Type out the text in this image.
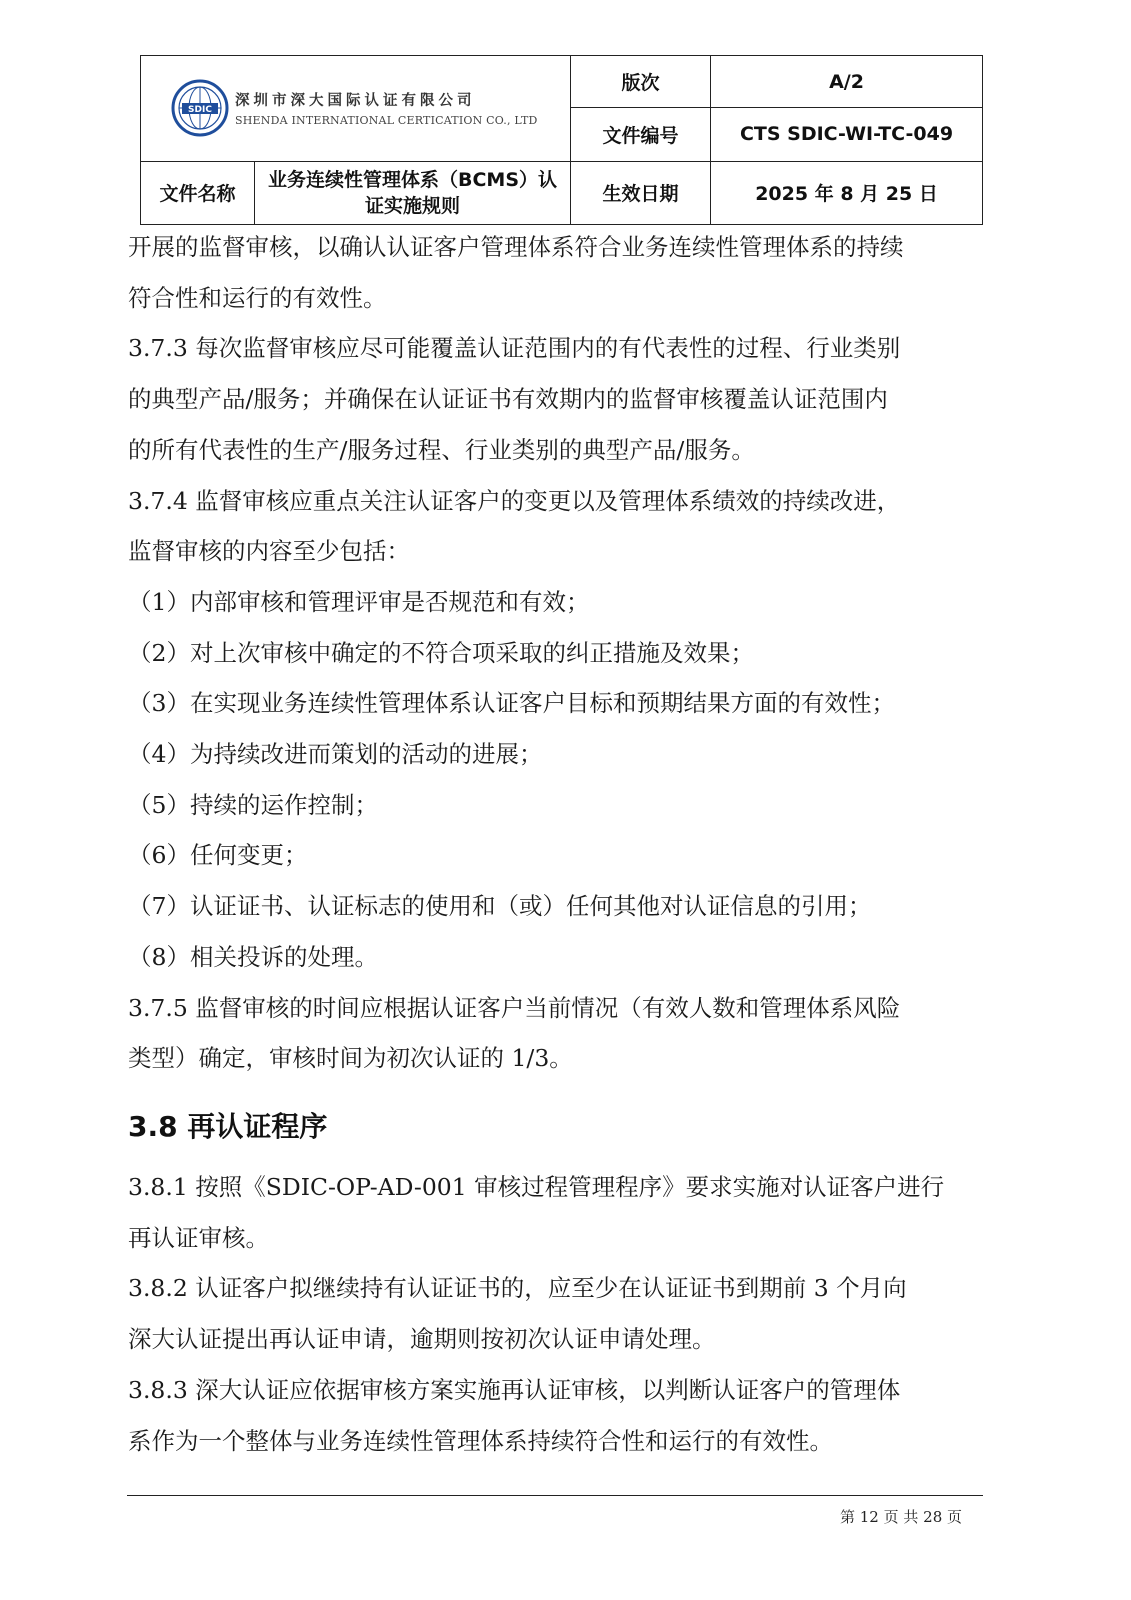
SDIC
深圳市深大国际认证有限公司
SHENDA INTERNATIONAL CERTICATION CO., LTD		版次	A/2
		文件编号	CTS SDIC-WI-TC-049
文件名称	业务连续性管理体系（BCMS）认证实施规则	生效日期	2025 年 8 月 25 日

开展的监督审核，以确认认证客户管理体系符合业务连续性管理体系的持续

符合性和运行的有效性。

3.7.3 每次监督审核应尽可能覆盖认证范围内的有代表性的过程、行业类别

的典型产品/服务；并确保在认证证书有效期内的监督审核覆盖认证范围内

的所有代表性的生产/服务过程、行业类别的典型产品/服务。

3.7.4 监督审核应重点关注认证客户的变更以及管理体系绩效的持续改进，

监督审核的内容至少包括：

（1）内部审核和管理评审是否规范和有效；

（2）对上次审核中确定的不符合项采取的纠正措施及效果；

（3）在实现业务连续性管理体系认证客户目标和预期结果方面的有效性；

（4）为持续改进而策划的活动的进展；

（5）持续的运作控制；

（6）任何变更；

（7）认证证书、认证标志的使用和（或）任何其他对认证信息的引用；

（8）相关投诉的处理。

3.7.5 监督审核的时间应根据认证客户当前情况（有效人数和管理体系风险

类型）确定，审核时间为初次认证的 1/3。

3.8 再认证程序

3.8.1 按照《SDIC-OP-AD-001 审核过程管理程序》要求实施对认证客户进行

再认证审核。

3.8.2 认证客户拟继续持有认证证书的，应至少在认证证书到期前 3 个月向

深大认证提出再认证申请，逾期则按初次认证申请处理。

3.8.3 深大认证应依据审核方案实施再认证审核，以判断认证客户的管理体

系作为一个整体与业务连续性管理体系持续符合性和运行的有效性。

第 12 页 共 28 页
